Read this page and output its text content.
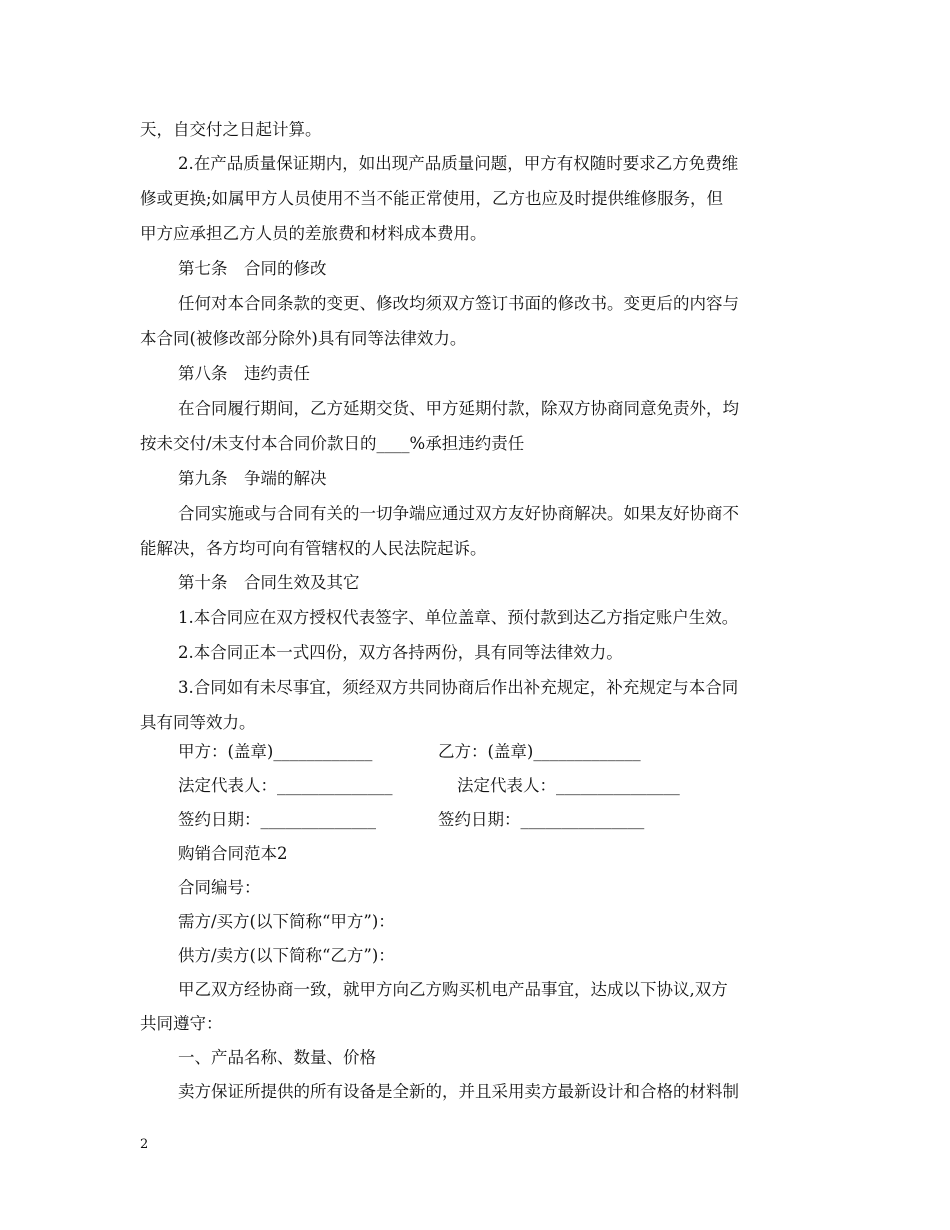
天，自交付之日起计算。
2.在产品质量保证期内，如出现产品质量问题，甲方有权随时要求乙方免费维
修或更换;如属甲方人员使用不当不能正常使用，乙方也应及时提供维修服务，但
甲方应承担乙方人员的差旅费和材料成本费用。
第七条　合同的修改
任何对本合同条款的变更、修改均须双方签订书面的修改书。变更后的内容与
本合同(被修改部分除外)具有同等法律效力。
第八条　违约责任
在合同履行期间，乙方延期交货、甲方延期付款，除双方协商同意免责外，均
按未交付/未支付本合同价款日的____%承担违约责任
第九条　争端的解决
合同实施或与合同有关的一切争端应通过双方友好协商解决。如果友好协商不
能解决，各方均可向有管辖权的人民法院起诉。
第十条　合同生效及其它
1.本合同应在双方授权代表签字、单位盖章、预付款到达乙方指定账户生效。
2.本合同正本一式四份，双方各持两份，具有同等法律效力。
3.合同如有未尽事宜，须经双方共同协商后作出补充规定，补充规定与本合同
具有同等效力。
甲方：(盖章)____________	乙方：(盖章)_____________
法定代表人：______________	法定代表人：_______________
签约日期：______________	签约日期：_______________
购销合同范本2
合同编号：
需方/买方(以下简称“甲方”)：
供方/卖方(以下简称“乙方”)：
甲乙双方经协商一致，就甲方向乙方购买机电产品事宜，达成以下协议,双方
共同遵守：
一、产品名称、数量、价格
卖方保证所提供的所有设备是全新的，并且采用卖方最新设计和合格的材料制
2
